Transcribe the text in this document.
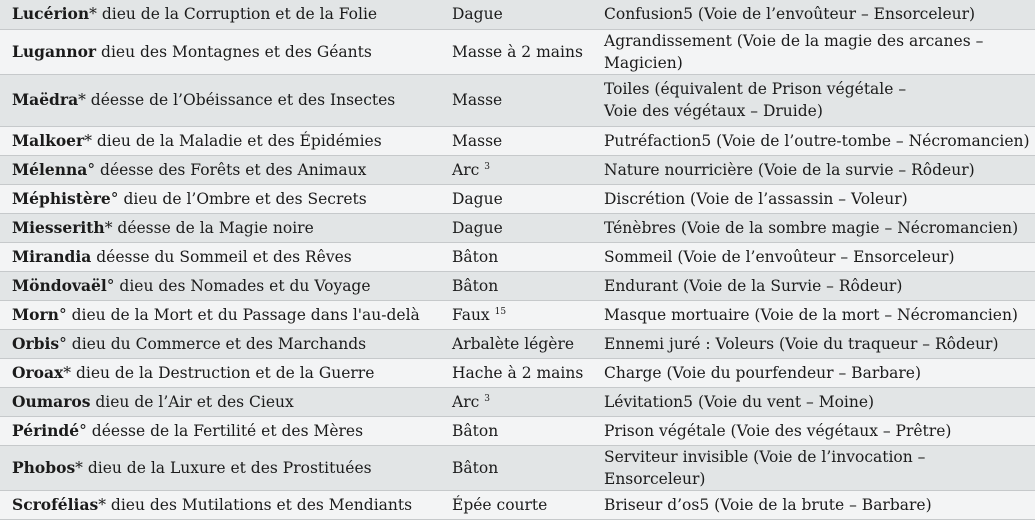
Lucérion* dieu de la Corruption et de la Folie	Dague	Confusion5 (Voie de l’envoûteur – Ensorceleur)
Lugannor dieu des Montagnes et des Géants	Masse à 2 mains	Agrandissement (Voie de la magie des arcanes – Magicien)
Maëdra* déesse de l’Obéissance et des Insectes	Masse	Toiles (équivalent de Prison végétale –
Voie des végétaux – Druide)
Malkoer* dieu de la Maladie et des Épidémies	Masse	Putréfaction5 (Voie de l’outre-tombe – Nécromancien)
Mélenna° déesse des Forêts et des Animaux	Arc $^3$	Nature nourricière (Voie de la survie – Rôdeur)
Méphistère° dieu de l’Ombre et des Secrets	Dague	Discrétion (Voie de l’assassin – Voleur)
Miesserith* déesse de la Magie noire	Dague	Ténèbres (Voie de la sombre magie – Nécromancien)
Mirandia déesse du Sommeil et des Rêves	Bâton	Sommeil (Voie de l’envoûteur – Ensorceleur)
Möndovaël° dieu des Nomades et du Voyage	Bâton	Endurant (Voie de la Survie – Rôdeur)
Morn° dieu de la Mort et du Passage dans l'au-delà	Faux $^{15}$	Masque mortuaire (Voie de la mort – Nécromancien)
Orbis° dieu du Commerce et des Marchands	Arbalète légère	Ennemi juré : Voleurs (Voie du traqueur – Rôdeur)
Oroax* dieu de la Destruction et de la Guerre	Hache à 2 mains	Charge (Voie du pourfendeur – Barbare)
Oumaros dieu de l’Air et des Cieux	Arc $^3$	Lévitation5 (Voie du vent – Moine)
Périndé° déesse de la Fertilité et des Mères	Bâton	Prison végétale (Voie des végétaux – Prêtre)
Phobos* dieu de la Luxure et des Prostituées	Bâton	Serviteur invisible (Voie de l’invocation – Ensorceleur)
Scrofélias* dieu des Mutilations et des Mendiants	Épée courte	Briseur d’os5 (Voie de la brute – Barbare)
